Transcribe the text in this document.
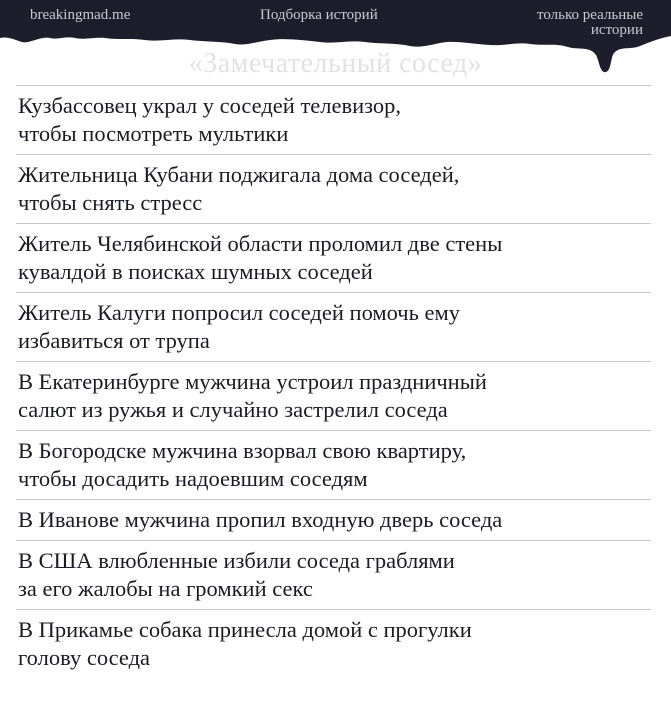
breakingmad.me	Подборка историй	только реальные
истории
«Замечательный сосед»
Кузбассовец украл у соседей телевизор,
чтобы посмотреть мультики
Жительница Кубани поджигала дома соседей,
чтобы снять стресс
Житель Челябинской области проломил две стены
кувалдой в поисках шумных соседей
Житель Калуги попросил соседей помочь ему
избавиться от трупа
В Екатеринбурге мужчина устроил праздничный
салют из ружья и случайно застрелил соседа
В Богородске мужчина взорвал свою квартиру,
чтобы досадить надоевшим соседям
В Иванове мужчина пропил входную дверь соседа
В США влюбленные избили соседа граблями
за его жалобы на громкий секс
В Прикамье собака принесла домой с прогулки
голову соседа
